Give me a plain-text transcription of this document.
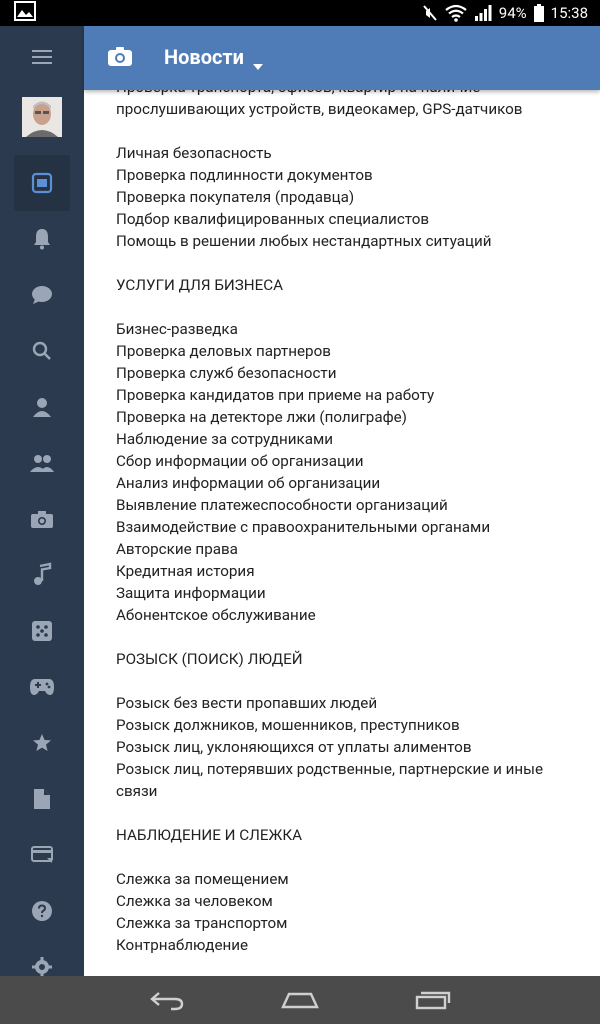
94% 15:38
Новости
прослушивающих устройств, видеокамер, GPS-датчиков
Личная безопасность
Проверка подлинности документов
Проверка покупателя (продавца)
Подбор квалифицированных специалистов
Помощь в решении любых нестандартных ситуаций
УСЛУГИ ДЛЯ БИЗНЕСА
Бизнес-разведка
Проверка деловых партнеров
Проверка служб безопасности
Проверка кандидатов при приеме на работу
Проверка на детекторе лжи (полиграфе)
Наблюдение за сотрудниками
Сбор информации об организации
Анализ информации об организации
Выявление платежеспособности организаций
Взаимодействие с правоохранительными органами
Авторские права
Кредитная история
Защита информации
Абонентское обслуживание
РОЗЫСК (ПОИСК) ЛЮДЕЙ
Розыск без вести пропавших людей
Розыск должников, мошенников, преступников
Розыск лиц, уклоняющихся от уплаты алиментов
Розыск лиц, потерявших родственные, партнерские и иные связи
НАБЛЮДЕНИЕ И СЛЕЖКА
Слежка за помещением
Слежка за человеком
Слежка за транспортом
Контрнаблюдение
